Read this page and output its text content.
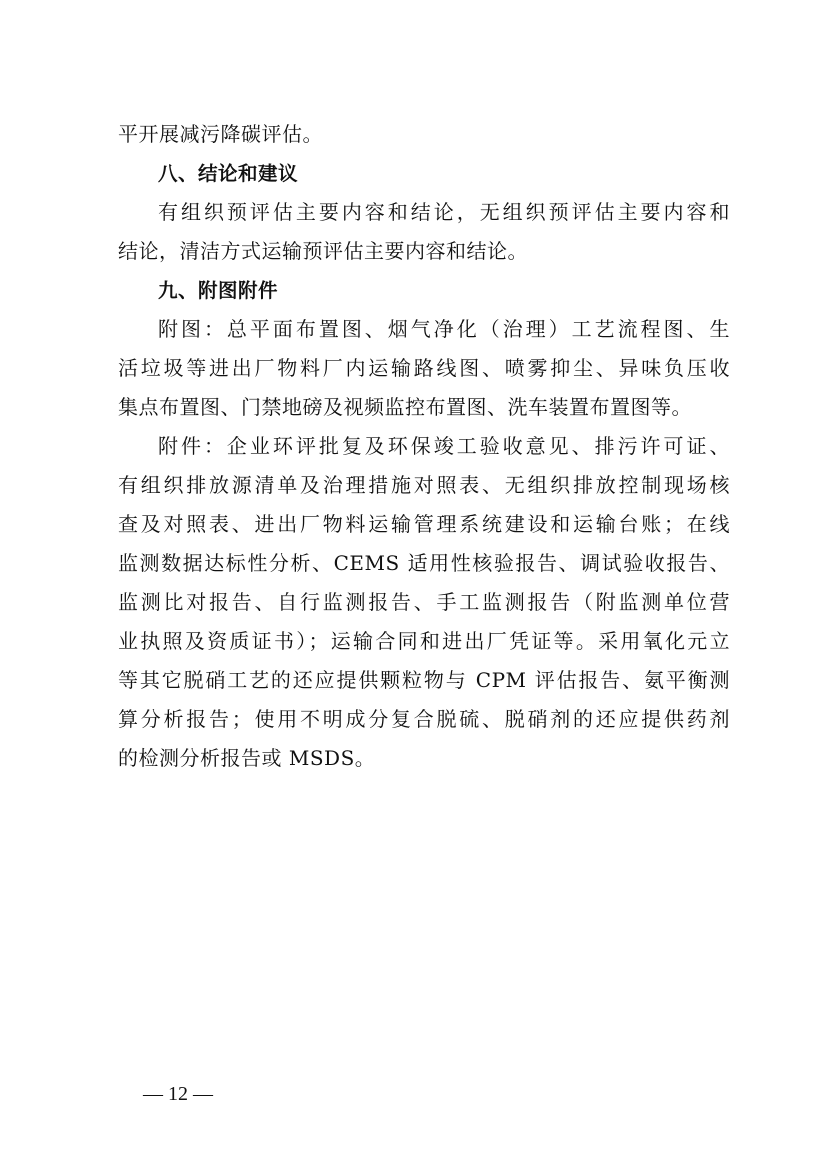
平开展减污降碳评估。
八、结论和建议
有组织预评估主要内容和结论，无组织预评估主要内容和
结论，清洁方式运输预评估主要内容和结论。
九、附图附件
附图：总平面布置图、烟气净化（治理）工艺流程图、生
活垃圾等进出厂物料厂内运输路线图、喷雾抑尘、异味负压收
集点布置图、门禁地磅及视频监控布置图、洗车装置布置图等。
附件：企业环评批复及环保竣工验收意见、排污许可证、
有组织排放源清单及治理措施对照表、无组织排放控制现场核
查及对照表、进出厂物料运输管理系统建设和运输台账；在线
监测数据达标性分析、CEMS 适用性核验报告、调试验收报告、
监测比对报告、自行监测报告、手工监测报告（附监测单位营
业执照及资质证书）；运输合同和进出厂凭证等。采用氧化元立
等其它脱硝工艺的还应提供颗粒物与 CPM 评估报告、氨平衡测
算分析报告；使用不明成分复合脱硫、脱硝剂的还应提供药剂
的检测分析报告或 MSDS。
— 12 —
